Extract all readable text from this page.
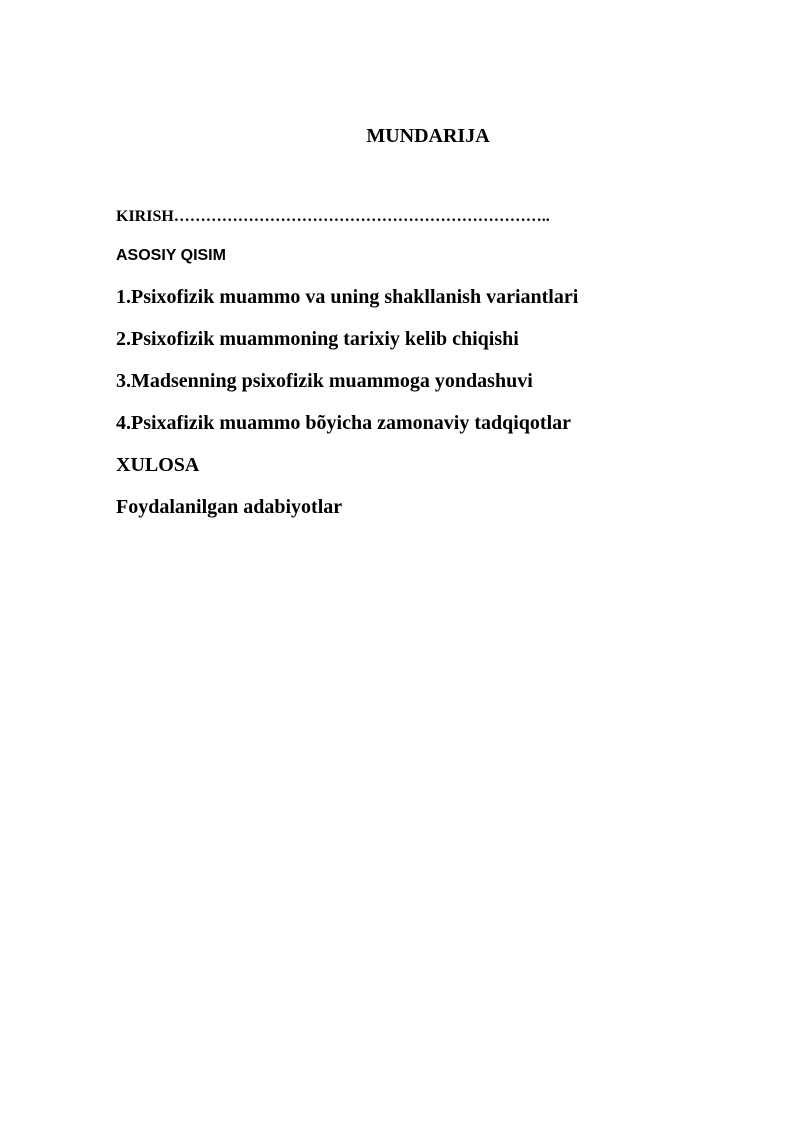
MUNDARIJA
KIRISH……………………………………………………………..
ASOSIY QISIM
1.Psixofizik muammo va uning shakllanish variantlari
2.Psixofizik muammoning tarixiy kelib chiqishi
3.Madsenning psixofizik muammoga yondashuvi
4.Psixafizik muammo bõyicha zamonaviy tadqiqotlar
XULOSA
Foydalanilgan adabiyotlar
